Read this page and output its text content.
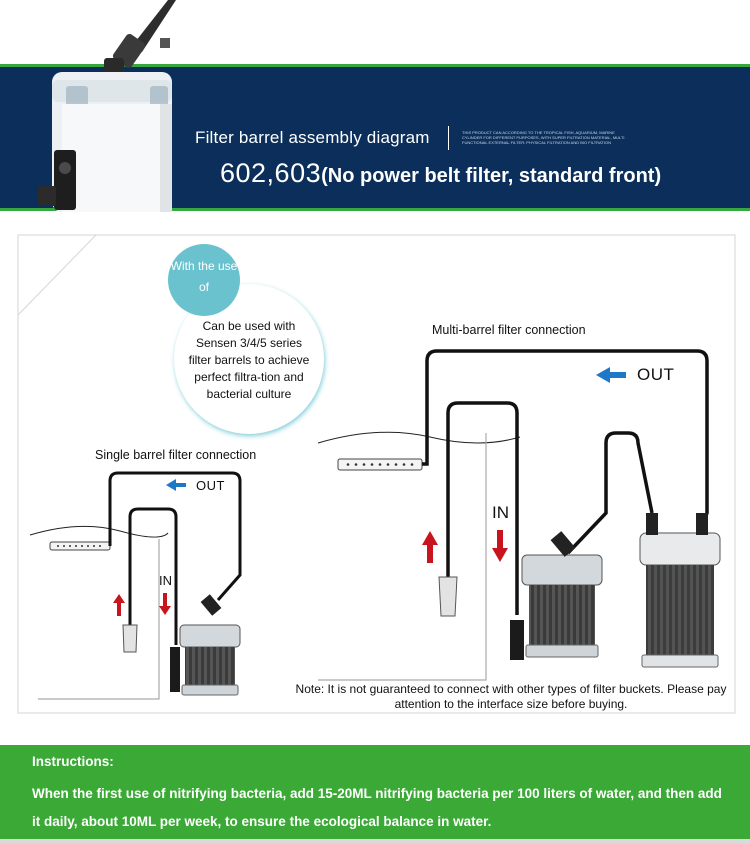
Filter barrel assembly diagram	THIS PRODUCT CAN ACCORDING TO THE TROPICAL FISH, AQUARIUM, MARINE CYLINDER FOR DIFFERENT PURPOSES, WITH SUPER FILTRATION MATERIAL, MULTI FUNCTIONAL EXTERNAL FILTER: PHYSICAL FILTRATION AND BIO FILTRATION
602,603(No power belt filter, standard front)
With the use of
Can be used with Sensen 3/4/5 series filter barrels to achieve perfect filtra-tion and bacterial culture
Single barrel filter connection
Multi-barrel filter connection
OUT
OUT
IN
IN
Note: It is not guaranteed to connect with other types of filter buckets. Please pay attention to the interface size before buying.
Instructions:
When the first use of nitrifying bacteria, add 15-20ML nitrifying bacteria per 100 liters of water, and then add it daily, about 10ML per week, to ensure the ecological balance in water.
